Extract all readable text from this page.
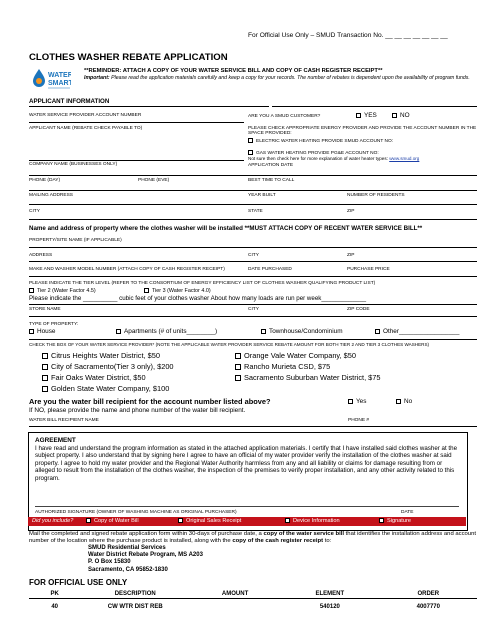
For Official Use Only – SMUD Transaction No. __ __ __ __ __ __ __
CLOTHES WASHER REBATE APPLICATION
WATER
SMART
**REMINDER: ATTACH A COPY OF YOUR WATER SERVICE BILL AND COPY OF CASH REGISTER RECEIPT**
Important: Please read the application materials carefully and keep a copy for your records. The number of rebates is dependent upon the availability of program funds.
APPLICANT INFORMATION
WATER SERVICE PROVIDER ACCOUNT NUMBER	ARE YOU A SMUD CUSTOMER?	YES	NO
APPLICANT NAME (REBATE CHECK PAYABLE TO)	PLEASE CHECK APPROPRIATE ENERGY PROVIDER AND PROVIDE THE ACCOUNT NUMBER IN THE SPACE PROVIDED:
ELECTRIC WATER HEATING PROVIDE SMUD ACCOUNT NO:
GAS WATER HEATING PROVIDE PG&E ACCOUNT NO:
Not sure then check here for more explanation of water heater types: www.smud.org
COMPANY NAME (BUSINESSES ONLY)	APPLICATION DATE
PHONE (DAY)	PHONE (EVE)	BEST TIME TO CALL
MAILING ADDRESS	YEAR BUILT	NUMBER OF RESIDENTS
CITY	STATE	ZIP
Name and address of property where the clothes washer will be installed **MUST ATTACH COPY OF RECENT WATER SERVICE BILL**
PROPERTY/SITE NAME (IF APPLICABLE)
ADDRESS	CITY	ZIP
MAKE AND WASHER MODEL NUMBER (ATTACH COPY OF CASH REGISTER RECEIPT)	DATE PURCHASED	PURCHASE PRICE
PLEASE INDICATE THE TIER LEVEL (REFER TO THE CONSORTIUM OF ENERGY EFFICIENCY LIST OF CLOTHES WASHER QUALIFYING PRODUCT LIST)
Tier 2 (Water Factor 4.5)	Tier 3 (Water Factor 4.0)
Please indicate the __________ cubic feet of your clothes washer About how many loads are run per week_____________
STORE NAME	CITY	ZIP CODE
TYPE OF PROPERTY:
House	Apartments (# of units________)	Townhouse/Condominium	Other_________________
CHECK THE BOX OF YOUR WATER SERVICE PROVIDER* (NOTE THE APPLICABLE WATER PROVIDER SERVICE REBATE AMOUNT FOR BOTH TIER 2 AND TIER 3 CLOTHES WASHERS)
Citrus Heights Water District, $50
City of Sacramento(Tier 3 only), $200
Fair Oaks Water District, $50
Golden State Water Company, $100
Orange Vale Water Company, $50
Rancho Murieta CSD, $75
Sacramento Suburban Water District, $75
Are you the water bill recipient for the account number listed above?	Yes	No
If NO, please provide the name and phone number of the water bill recipient.
WATER BILL RECIPIENT NAME	PHONE #
AGREEMENT
I have read and understand the program information as stated in the attached application materials. I certify that I have installed said clothes washer at the subject property. I also understand that by signing here I agree to have an official of my water provider verify the installation of the clothes washer at said property. I agree to hold my water provider and the Regional Water Authority harmless from any and all liability or claims for damage resulting from or alleged to result from the installation of the clothes washer, the inspection of the premises to verify proper installation, and any other activity related to this program.
AUTHORIZED SIGNATURE (OWNER OF WASHING MACHINE AS ORIGINAL PURCHASER)	DATE
Did you include?	Copy of Water Bill	Original Sales Receipt	Device Information	Signature
Mail the completed and signed rebate application form within 30-days of purchase date, a copy of the water service bill that identifies the installation address and account number of the location where the purchase product is installed, along with the copy of the cash register receipt to:
SMUD Residential Services
Water District Rebate Program, MS A203
P. O Box 15830
Sacramento, CA 95852-1830
FOR OFFICIAL USE ONLY
PK	DESCRIPTION	AMOUNT	ELEMENT	ORDER
40	CW WTR DIST REB		540120	4007770
